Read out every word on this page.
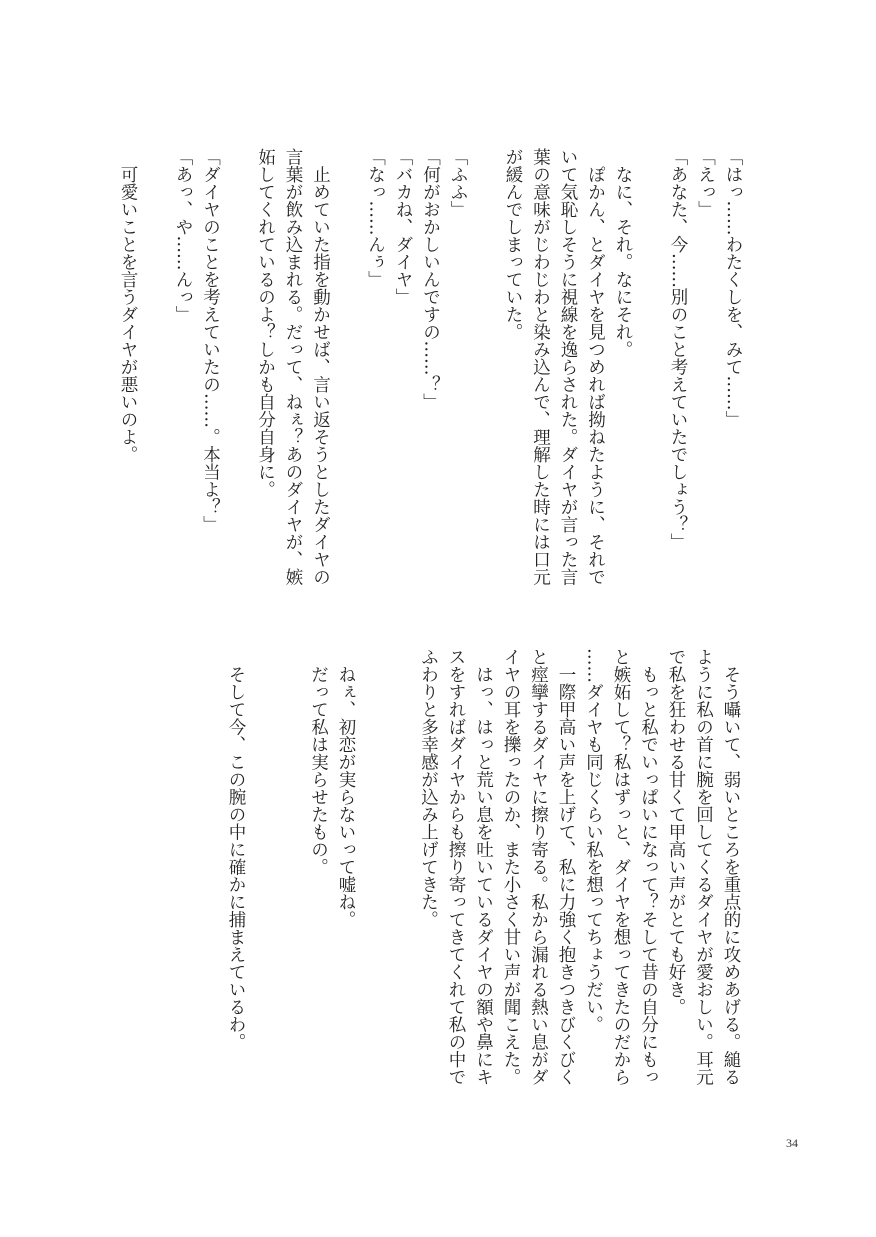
「はっ……わたくしを、みて……」
「えっ」
「あなた、今……別のこと考えていたでしょう？」
　なに、それ。なにそれ。
　ぽかん、とダイヤを見つめれば拗ねたように、それで
いて気恥しそうに視線を逸らされた。ダイヤが言った言
葉の意味がじわじわと染み込んで、理解した時には口元
が緩んでしまっていた。
「ふふ」
「何がおかしいんですの……？」
「バカね、ダイヤ」
「なっ……んぅ」
　止めていた指を動かせば、言い返そうとしたダイヤの
言葉が飲み込まれる。だって、ねぇ？あのダイヤが、嫉
妬してくれているのよ？しかも自分自身に。
「ダイヤのことを考えていたの……。本当よ？」
「あっ、や……んっ」
　可愛いことを言うダイヤが悪いのよ。
　そう囁いて、弱いところを重点的に攻めあげる。縋る
ように私の首に腕を回してくるダイヤが愛おしい。耳元
で私を狂わせる甘くて甲高い声がとても好き。
　もっと私でいっぱいになって？そして昔の自分にもっ
と嫉妬して？私はずっと、ダイヤを想ってきたのだから
……ダイヤも同じくらい私を想ってちょうだい。
　一際甲高い声を上げて、私に力強く抱きつきびくびく
と痙攣するダイヤに擦り寄る。私から漏れる熱い息がダ
イヤの耳を擽ったのか、また小さく甘い声が聞こえた。
　はっ、はっと荒い息を吐いているダイヤの額や鼻にキ
スをすればダイヤからも擦り寄ってきてくれて私の中で
ふわりと多幸感が込み上げてきた。
　ねぇ、初恋が実らないって嘘ね。
　だって私は実らせたもの。
　そして今、この腕の中に確かに捕まえているわ。
34
